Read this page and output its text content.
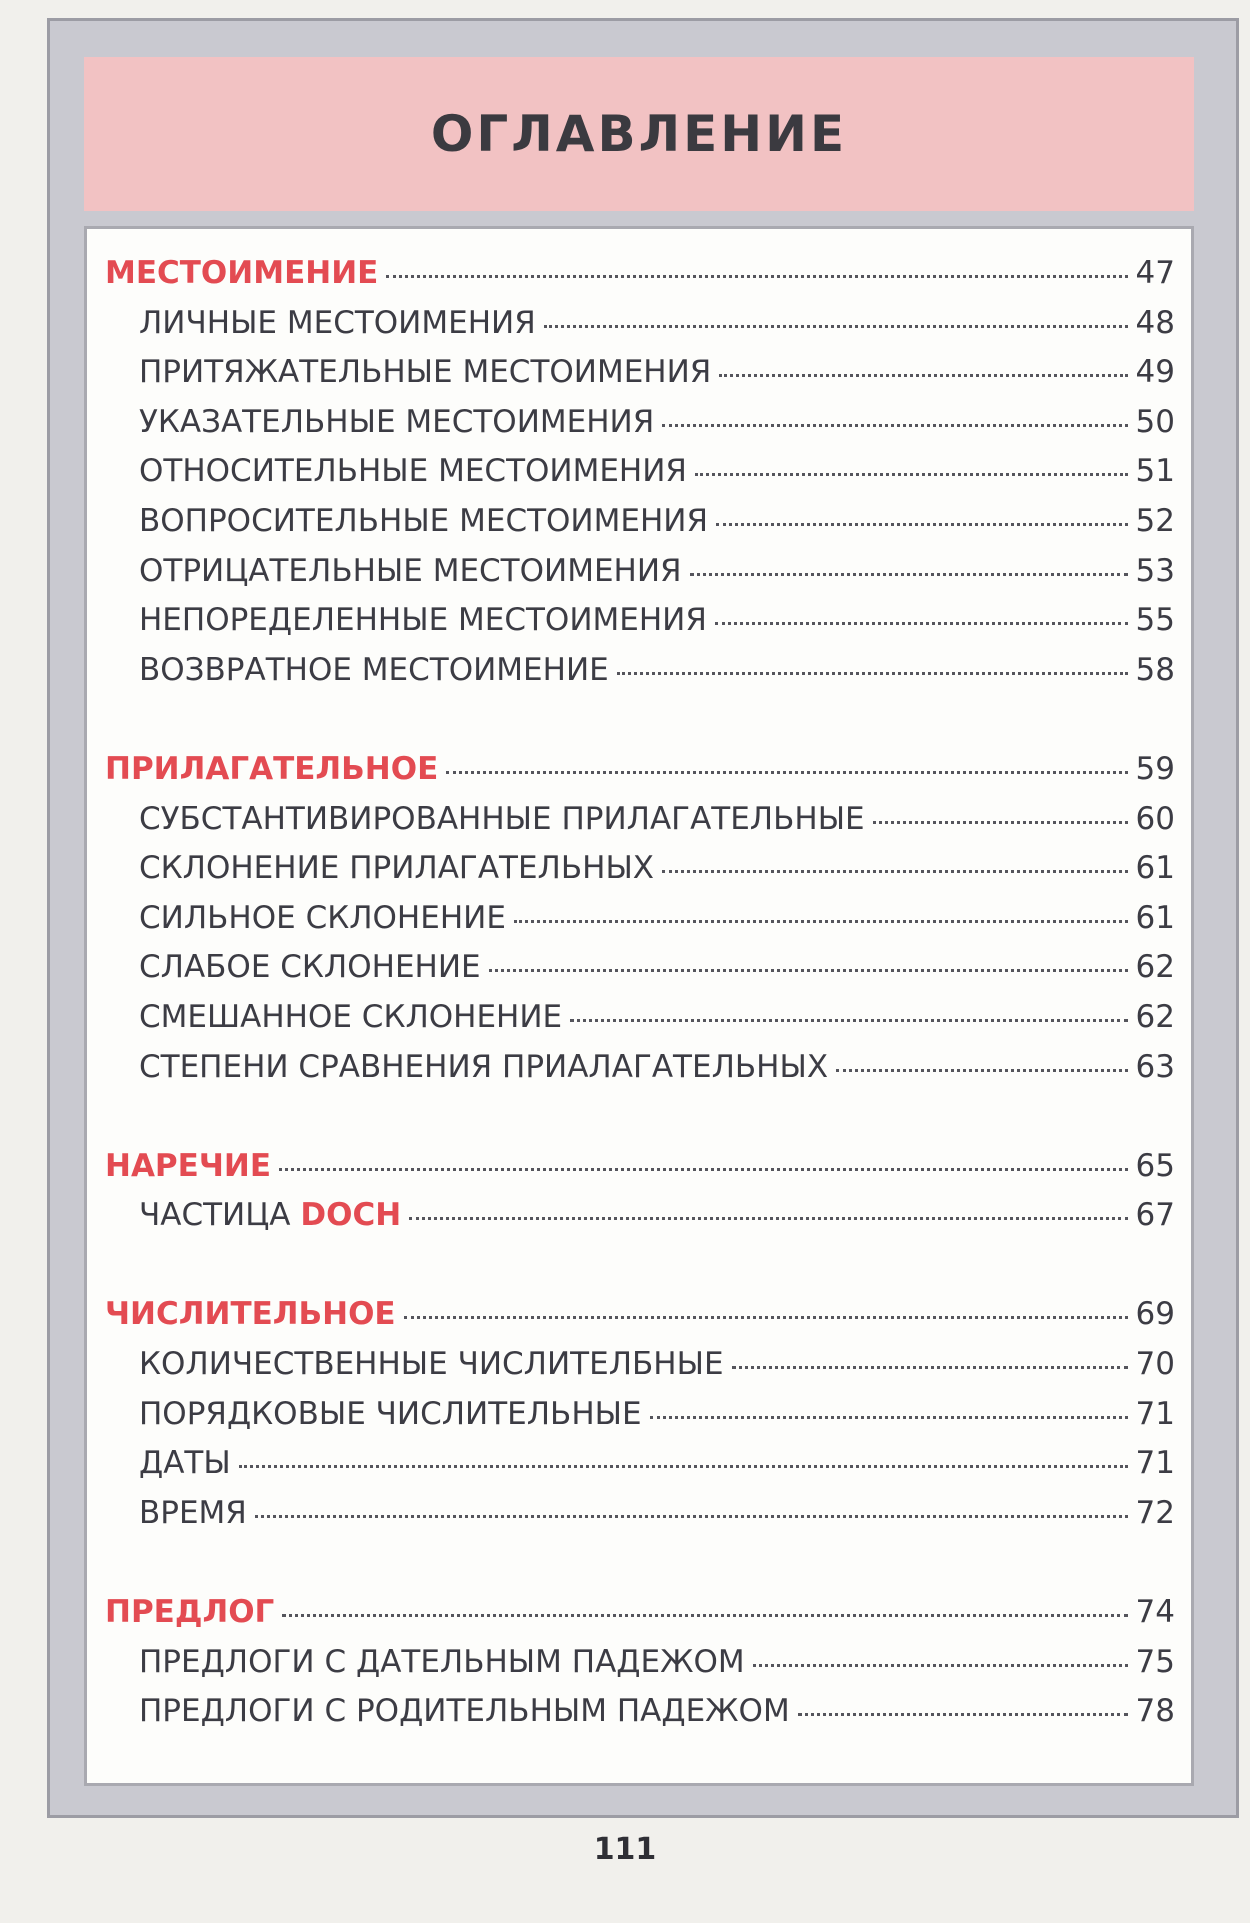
ОГЛАВЛЕНИЕ
МЕСТОИМЕНИЕ	47
ЛИЧНЫЕ МЕСТОИМЕНИЯ	48
ПРИТЯЖАТЕЛЬНЫЕ МЕСТОИМЕНИЯ	49
УКАЗАТЕЛЬНЫЕ МЕСТОИМЕНИЯ	50
ОТНОСИТЕЛЬНЫЕ МЕСТОИМЕНИЯ	51
ВОПРОСИТЕЛЬНЫЕ МЕСТОИМЕНИЯ	52
ОТРИЦАТЕЛЬНЫЕ МЕСТОИМЕНИЯ	53
НЕПОРЕДЕЛЕННЫЕ МЕСТОИМЕНИЯ	55
ВОЗВРАТНОЕ МЕСТОИМЕНИЕ	58
ПРИЛАГАТЕЛЬНОЕ	59
СУБСТАНТИВИРОВАННЫЕ ПРИЛАГАТЕЛЬНЫЕ	60
СКЛОНЕНИЕ ПРИЛАГАТЕЛЬНЫХ	61
СИЛЬНОЕ СКЛОНЕНИЕ	61
СЛАБОЕ СКЛОНЕНИЕ	62
СМЕШАННОЕ СКЛОНЕНИЕ	62
СТЕПЕНИ СРАВНЕНИЯ ПРИАЛАГАТЕЛЬНЫХ	63
НАРЕЧИЕ	65
ЧАСТИЦА DOCH	67
ЧИСЛИТЕЛЬНОЕ	69
КОЛИЧЕСТВЕННЫЕ ЧИСЛИТЕЛБНЫЕ	70
ПОРЯДКОВЫЕ ЧИСЛИТЕЛЬНЫЕ	71
ДАТЫ	71
ВРЕМЯ	72
ПРЕДЛОГ	74
ПРЕДЛОГИ С ДАТЕЛЬНЫМ ПАДЕЖОМ	75
ПРЕДЛОГИ С РОДИТЕЛЬНЫМ ПАДЕЖОМ	78
111
